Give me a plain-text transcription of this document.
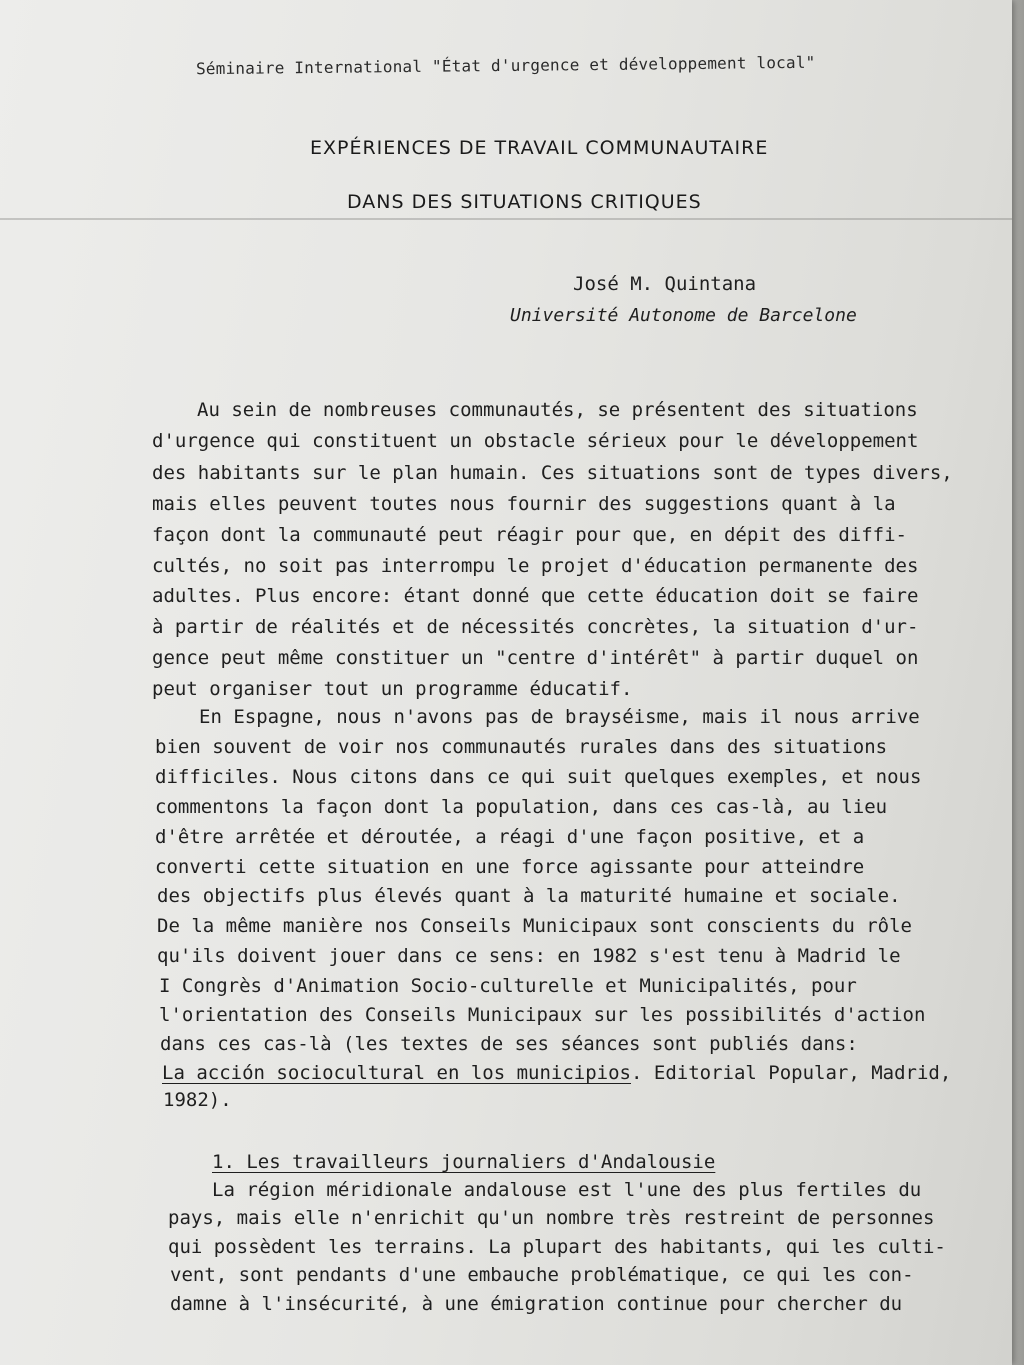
Séminaire International "État d'urgence et développement local"
EXPÉRIENCES DE TRAVAIL COMMUNAUTAIRE
DANS DES SITUATIONS CRITIQUES
José M. Quintana
Université Autonome de Barcelone
Au sein de nombreuses communautés, se présentent des situations
d'urgence qui constituent un obstacle sérieux pour le développement
des habitants sur le plan humain. Ces situations sont de types divers,
mais elles peuvent toutes nous fournir des suggestions quant à la
façon dont la communauté peut réagir pour que, en dépit des diffi-
cultés, no soit pas interrompu le projet d'éducation permanente des
adultes. Plus encore: étant donné que cette éducation doit se faire
à partir de réalités et de nécessités concrètes, la situation d'ur-
gence peut même constituer un "centre d'intérêt" à partir duquel on
peut organiser tout un programme éducatif.
En Espagne, nous n'avons pas de brayséisme, mais il nous arrive
bien souvent de voir nos communautés rurales dans des situations
difficiles. Nous citons dans ce qui suit quelques exemples, et nous
commentons la façon dont la population, dans ces cas-là, au lieu
d'être arrêtée et déroutée, a réagi d'une façon positive, et a
converti cette situation en une force agissante pour atteindre
des objectifs plus élevés quant à la maturité humaine et sociale.
De la même manière nos Conseils Municipaux sont conscients du rôle
qu'ils doivent jouer dans ce sens: en 1982 s'est tenu à Madrid le
I Congrès d'Animation Socio-culturelle et Municipalités, pour
l'orientation des Conseils Municipaux sur les possibilités d'action
dans ces cas-là (les textes de ses séances sont publiés dans:
La acción sociocultural en los municipios. Editorial Popular, Madrid,
1982).
1. Les travailleurs journaliers d'Andalousie
La région méridionale andalouse est l'une des plus fertiles du
pays, mais elle n'enrichit qu'un nombre très restreint de personnes
qui possèdent les terrains. La plupart des habitants, qui les culti-
vent, sont pendants d'une embauche problématique, ce qui les con-
damne à l'insécurité, à une émigration continue pour chercher du
